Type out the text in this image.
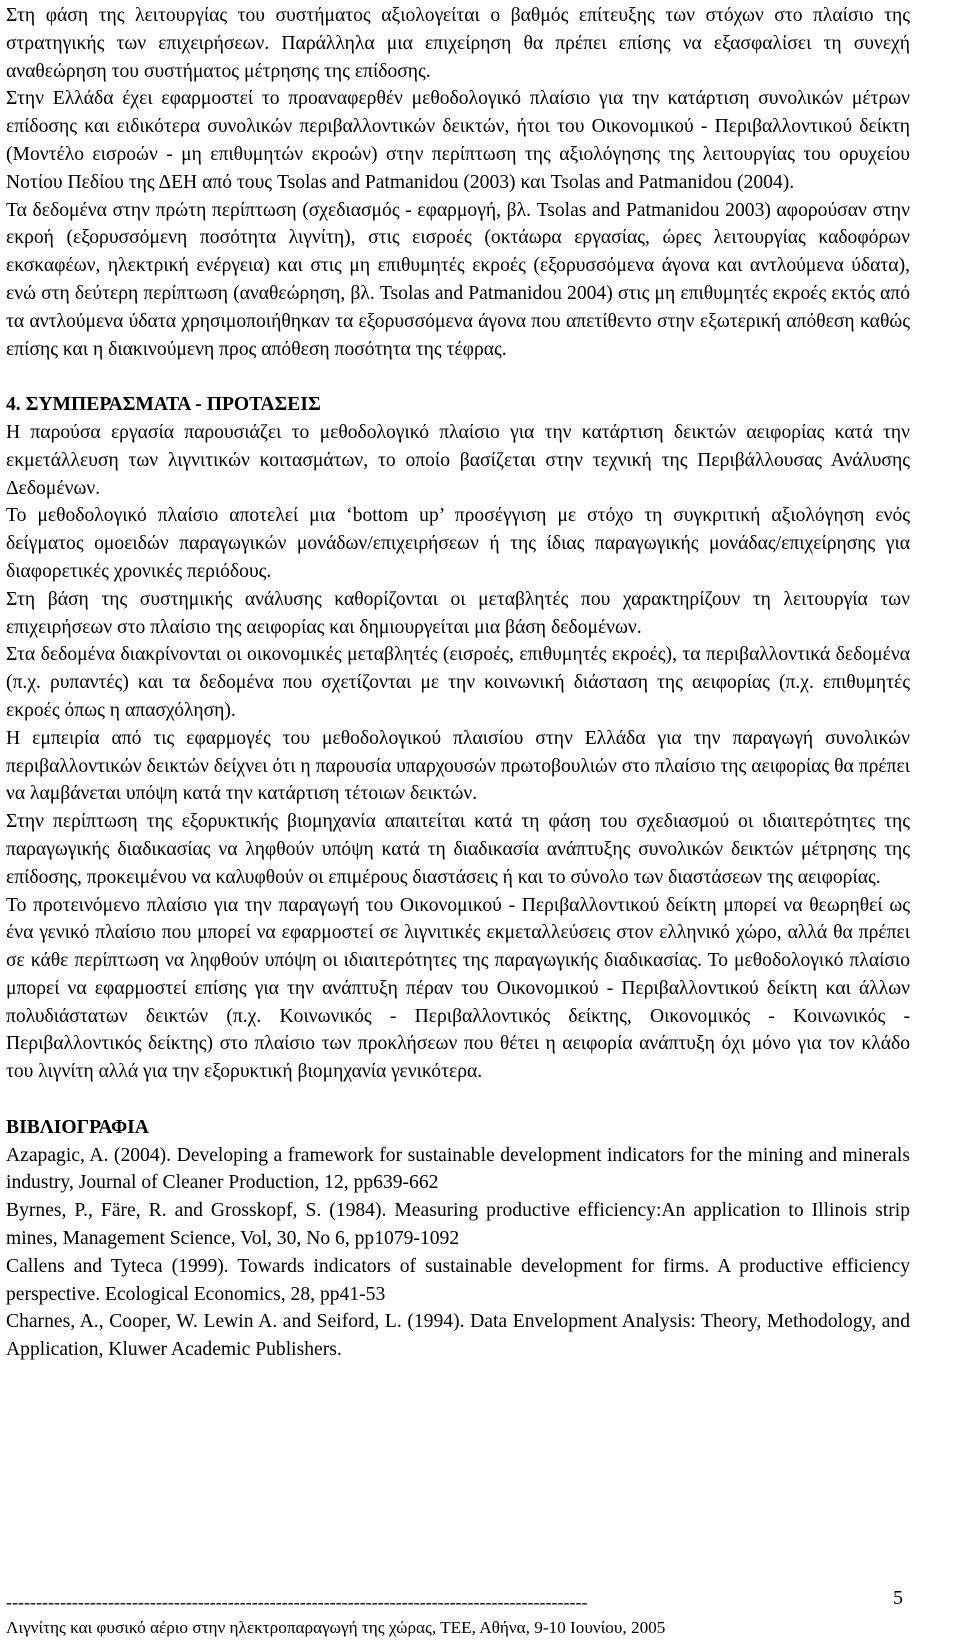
Στη φάση της λειτουργίας του συστήματος αξιολογείται ο βαθμός επίτευξης των στόχων στο πλαίσιο της στρατηγικής των επιχειρήσεων. Παράλληλα μια επιχείρηση θα πρέπει επίσης να εξασφαλίσει τη συνεχή αναθεώρηση του συστήματος μέτρησης της επίδοσης.

Στην Ελλάδα έχει εφαρμοστεί το προαναφερθέν μεθοδολογικό πλαίσιο για την κατάρτιση συνολικών μέτρων επίδοσης και ειδικότερα συνολικών περιβαλλοντικών δεικτών, ήτοι του Οικονομικού - Περιβαλλοντικού δείκτη (Μοντέλο εισροών - μη επιθυμητών εκροών) στην περίπτωση της αξιολόγησης της λειτουργίας του ορυχείου Νοτίου Πεδίου της ΔΕΗ από τους Tsolas and Patmanidou (2003) και Tsolas and Patmanidou (2004).

Τα δεδομένα στην πρώτη περίπτωση (σχεδιασμός - εφαρμογή, βλ. Tsolas and Patmanidou 2003) αφορούσαν στην εκροή (εξορυσσόμενη ποσότητα λιγνίτη), στις εισροές (οκτάωρα εργασίας, ώρες λειτουργίας καδοφόρων εκσκαφέων, ηλεκτρική ενέργεια) και στις μη επιθυμητές εκροές (εξορυσσόμενα άγονα και αντλούμενα ύδατα), ενώ στη δεύτερη περίπτωση (αναθεώρηση, βλ. Tsolas and Patmanidou 2004) στις μη επιθυμητές εκροές εκτός από τα αντλούμενα ύδατα χρησιμοποιήθηκαν τα εξορυσσόμενα άγονα που απετίθεντο στην εξωτερική απόθεση καθώς επίσης και η διακινούμενη προς απόθεση ποσότητα της τέφρας.

4. ΣΥΜΠΕΡΑΣΜΑΤΑ - ΠΡΟΤΑΣΕΙΣ

Η παρούσα εργασία παρουσιάζει το μεθοδολογικό πλαίσιο για την κατάρτιση δεικτών αειφορίας κατά την εκμετάλλευση των λιγνιτικών κοιτασμάτων, το οποίο βασίζεται στην τεχνική της Περιβάλλουσας Ανάλυσης Δεδομένων.

Το μεθοδολογικό πλαίσιο αποτελεί μια ‘bottom up’ προσέγγιση με στόχο τη συγκριτική αξιολόγηση ενός δείγματος ομοειδών παραγωγικών μονάδων/επιχειρήσεων ή της ίδιας παραγωγικής μονάδας/επιχείρησης για διαφορετικές χρονικές περιόδους.

Στη βάση της συστημικής ανάλυσης καθορίζονται οι μεταβλητές που χαρακτηρίζουν τη λειτουργία των επιχειρήσεων στο πλαίσιο της αειφορίας και δημιουργείται μια βάση δεδομένων.

Στα δεδομένα διακρίνονται οι οικονομικές μεταβλητές (εισροές, επιθυμητές εκροές), τα περιβαλλοντικά δεδομένα (π.χ. ρυπαντές) και τα δεδομένα που σχετίζονται με την κοινωνική διάσταση της αειφορίας (π.χ. επιθυμητές εκροές όπως η απασχόληση).

Η εμπειρία από τις εφαρμογές του μεθοδολογικού πλαισίου στην Ελλάδα για την παραγωγή συνολικών περιβαλλοντικών δεικτών δείχνει ότι η παρουσία υπαρχουσών πρωτοβουλιών στο πλαίσιο της αειφορίας θα πρέπει να λαμβάνεται υπόψη κατά την κατάρτιση τέτοιων δεικτών.

Στην περίπτωση της εξορυκτικής βιομηχανία απαιτείται κατά τη φάση του σχεδιασμού οι ιδιαιτερότητες της παραγωγικής διαδικασίας να ληφθούν υπόψη κατά τη διαδικασία ανάπτυξης συνολικών δεικτών μέτρησης της επίδοσης, προκειμένου να καλυφθούν οι επιμέρους διαστάσεις ή και το σύνολο των διαστάσεων της αειφορίας.

Το προτεινόμενο πλαίσιο για την παραγωγή του Οικονομικού - Περιβαλλοντικού δείκτη μπορεί να θεωρηθεί ως ένα γενικό πλαίσιο που μπορεί να εφαρμοστεί σε λιγνιτικές εκμεταλλεύσεις στον ελληνικό χώρο, αλλά θα πρέπει σε κάθε περίπτωση να ληφθούν υπόψη οι ιδιαιτερότητες της παραγωγικής διαδικασίας. Το μεθοδολογικό πλαίσιο μπορεί να εφαρμοστεί επίσης για την ανάπτυξη πέραν του Οικονομικού - Περιβαλλοντικού δείκτη και άλλων πολυδιάστατων δεικτών (π.χ. Κοινωνικός - Περιβαλλοντικός δείκτης, Οικονομικός - Κοινωνικός - Περιβαλλοντικός δείκτης) στο πλαίσιο των προκλήσεων που θέτει η αειφορία ανάπτυξη όχι μόνο για τον κλάδο του λιγνίτη αλλά για την εξορυκτική βιομηχανία γενικότερα.

ΒΙΒΛΙΟΓΡΑΦΙΑ

Azapagic, A. (2004). Developing a framework for sustainable development indicators for the mining and minerals industry, Journal of Cleaner Production, 12, pp639-662

Byrnes, P., Färe, R. and Grosskopf, S. (1984). Measuring productive efficiency:An application to Illinois strip mines, Management Science, Vol, 30, No 6, pp1079-1092

Callens and Tyteca (1999). Towards indicators of sustainable development for firms. A productive efficiency perspective. Ecological Economics, 28, pp41-53

Charnes, A., Cooper, W. Lewin A. and Seiford, L. (1994). Data Envelopment Analysis: Theory, Methodology, and Application, Kluwer Academic Publishers.

-------------------------------------------------------------------------------------------------	5
Λιγνίτης και φυσικό αέριο στην ηλεκτροπαραγωγή της χώρας, ΤΕΕ, Αθήνα, 9-10 Ιουνίου, 2005
